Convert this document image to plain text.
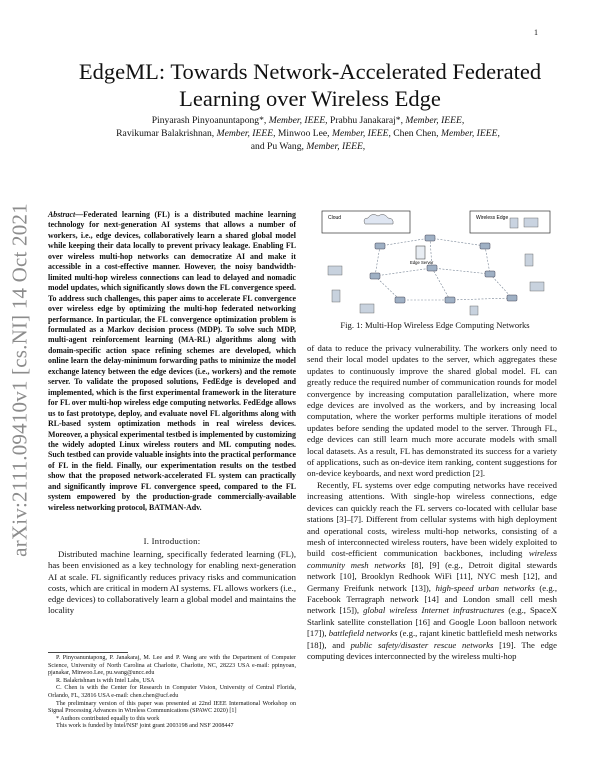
1
arXiv:2111.09410v1 [cs.NI] 14 Oct 2021
EdgeML: Towards Network-Accelerated Federated
Learning over Wireless Edge
Pinyarash Pinyoanuntapong*, Member, IEEE, Prabhu Janakaraj*, Member, IEEE,
Ravikumar Balakrishnan, Member, IEEE, Minwoo Lee, Member, IEEE, Chen Chen, Member, IEEE,
and Pu Wang, Member, IEEE,
Abstract—Federated learning (FL) is a distributed machine learning technology for next-generation AI systems that allows a number of workers, i.e., edge devices, collaboratively learn a shared global model while keeping their data locally to prevent privacy leakage. Enabling FL over wireless multi-hop networks can democratize AI and make it accessible in a cost-effective manner. However, the noisy bandwidth-limited multi-hop wireless connections can lead to delayed and nomadic model updates, which significantly slows down the FL convergence speed. To address such challenges, this paper aims to accelerate FL convergence over wireless edge by optimizing the multi-hop federated networking performance. In particular, the FL convergence optimization problem is formulated as a Markov decision process (MDP). To solve such MDP, multi-agent reinforcement learning (MA-RL) algorithms along with domain-specific action space refining schemes are developed, which online learn the delay-minimum forwarding paths to minimize the model exchange latency between the edge devices (i.e., workers) and the remote server. To validate the proposed solutions, FedEdge is developed and implemented, which is the first experimental framework in the literature for FL over multi-hop wireless edge computing networks. FedEdge allows us to fast prototype, deploy, and evaluate novel FL algorithms along with RL-based system optimization methods in real wireless devices. Moreover, a physical experimental testbed is implemented by customizing the widely adopted Linux wireless routers and ML computing nodes. Such testbed can provide valuable insights into the practical performance of FL in the field. Finally, our experimentation results on the testbed show that the proposed network-accelerated FL system can practically and significantly improve FL convergence speed, compared to the FL system empowered by the production-grade commercially-available wireless networking protocol, BATMAN-Adv.
I. Introduction:
Distributed machine learning, specifically federated learning (FL), has been envisioned as a key technology for enabling next-generation AI at scale. FL significantly reduces privacy risks and communication costs, which are critical in modern AI systems. FL allows workers (i.e., edge devices) to collaboratively learn a global model and maintains the locality

P. Pinyoanuntapong, P. Janakaraj, M. Lee and P. Wang are with the Department of Computer Science, University of North Carolina at Charlotte, Charlotte, NC, 28223 USA e-mail: ppinyoan, pjanakar, Minwoo.Lee, pu.wang@uncc.edu

R. Balakrishnan is with Intel Labs, USA

C. Chen is with the Center for Research in Computer Vision, University of Central Florida, Orlando, FL, 32816 USA e-mail: chen.chen@ucf.edu

The preliminary version of this paper was presented at 22nd IEEE International Workshop on Signal Processing Advances in Wireless Communications (SPAWC 2020) [1]

* Authors contributed equally to this work

This work is funded by Intel/NSF joint grant 2003198 and NSF 2008447

Cloud	Wireless Edge
Edge Server
Fig. 1: Multi-Hop Wireless Edge Computing Networks

of data to reduce the privacy vulnerability. The workers only need to send their local model updates to the server, which aggregates these updates to continuously improve the shared global model. FL can greatly reduce the required number of communication rounds for model convergence by increasing computation parallelization, where more edge devices are involved as the workers, and by increasing local computation, where the worker performs multiple iterations of model updates before sending the updated model to the server. Through FL, edge devices can still learn much more accurate models with small local datasets. As a result, FL has demonstrated its success for a variety of applications, such as on-device item ranking, content suggestions for on-device keyboards, and next word prediction [2].

Recently, FL systems over edge computing networks have received increasing attentions. With single-hop wireless connections, edge devices can quickly reach the FL servers co-located with cellular base stations [3]–[7]. Different from cellular systems with high deployment and operational costs, wireless multi-hop networks, consisting of a mesh of interconnected wireless routers, have been widely exploited to build cost-efficient communication backbones, including wireless community mesh networks [8], [9] (e.g., Detroit digital stewards network [10], Brooklyn Redhook WiFi [11], NYC mesh [12], and Germany Freifunk network [13]), high-speed urban networks (e.g., Facebook Terragraph network [14] and London small cell mesh network [15]), global wireless Internet infrastructures (e.g., SpaceX Starlink satellite constellation [16] and Google Loon balloon network [17]), battlefield networks (e.g., rajant kinetic battlefield mesh networks [18]), and public safety/disaster rescue networks [19]. The edge computing devices interconnected by the wireless multi-hop
